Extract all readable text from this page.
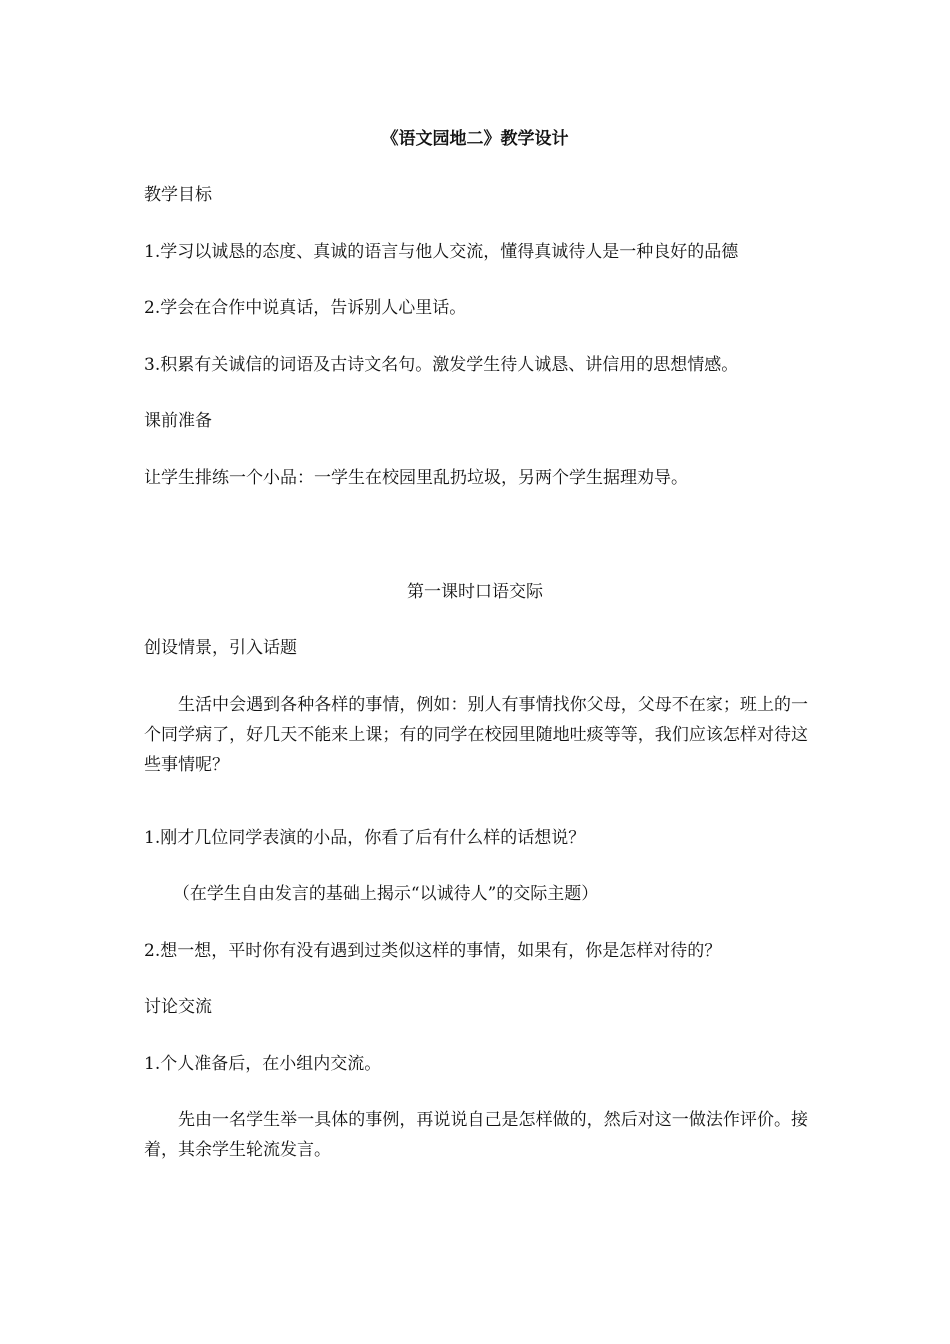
《语文园地二》教学设计

教学目标

1.学习以诚恳的态度、真诚的语言与他人交流，懂得真诚待人是一种良好的品德

2.学会在合作中说真话，告诉别人心里话。

3.积累有关诚信的词语及古诗文名句。激发学生待人诚恳、讲信用的思想情感。

课前准备

让学生排练一个小品：一学生在校园里乱扔垃圾，另两个学生据理劝导。

第一课时口语交际

创设情景，引入话题

生活中会遇到各种各样的事情，例如：别人有事情找你父母，父母不在家；班上的一个同学病了，好几天不能来上课；有的同学在校园里随地吐痰等等，我们应该怎样对待这些事情呢？

1.刚才几位同学表演的小品，你看了后有什么样的话想说？

（在学生自由发言的基础上揭示“以诚待人”的交际主题）

2.想一想，平时你有没有遇到过类似这样的事情，如果有，你是怎样对待的？

讨论交流

1.个人准备后，在小组内交流。

先由一名学生举一具体的事例，再说说自己是怎样做的，然后对这一做法作评价。接着，其余学生轮流发言。
